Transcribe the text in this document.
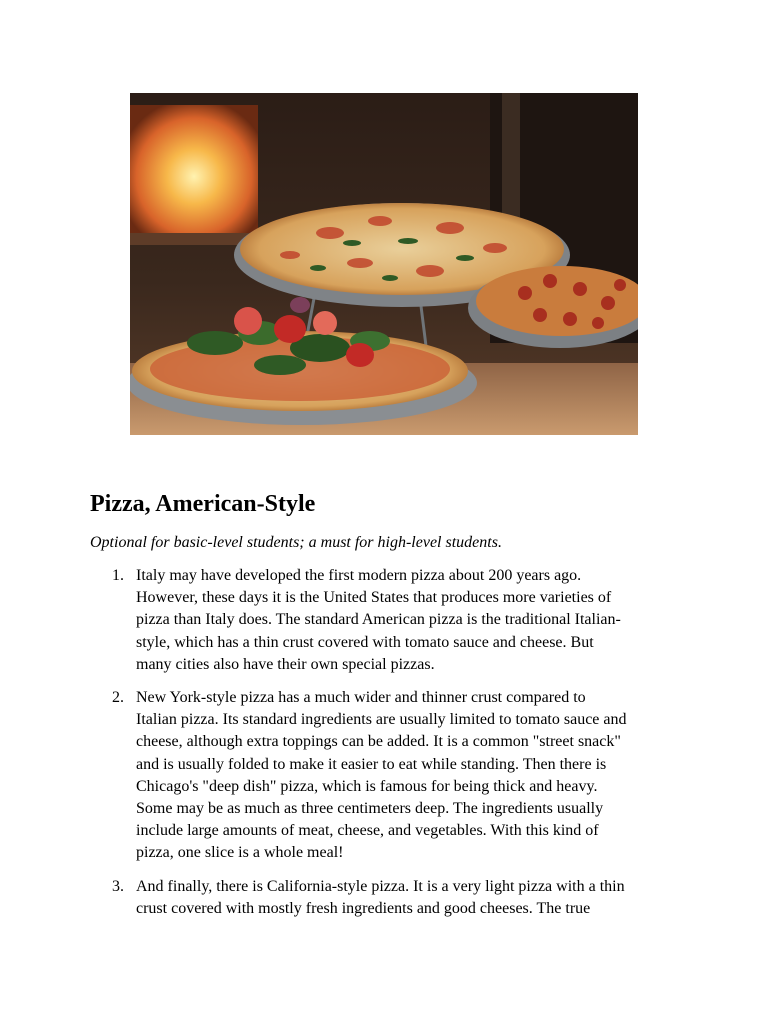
Pizza, American-Style

Optional for basic-level students; a must for high-level students.

1. Italy may have developed the first modern pizza about 200 years ago.
However, these days it is the United States that produces more varieties of
pizza than Italy does. The standard American pizza is the traditional Italian-
style, which has a thin crust covered with tomato sauce and cheese. But
many cities also have their own special pizzas.
2. New York-style pizza has a much wider and thinner crust compared to
Italian pizza. Its standard ingredients are usually limited to tomato sauce and
cheese, although extra toppings can be added. It is a common "street snack"
and is usually folded to make it easier to eat while standing. Then there is
Chicago's "deep dish" pizza, which is famous for being thick and heavy.
Some may be as much as three centimeters deep. The ingredients usually
include large amounts of meat, cheese, and vegetables. With this kind of
pizza, one slice is a whole meal!
3. And finally, there is California-style pizza. It is a very light pizza with a thin
crust covered with mostly fresh ingredients and good cheeses. The true
